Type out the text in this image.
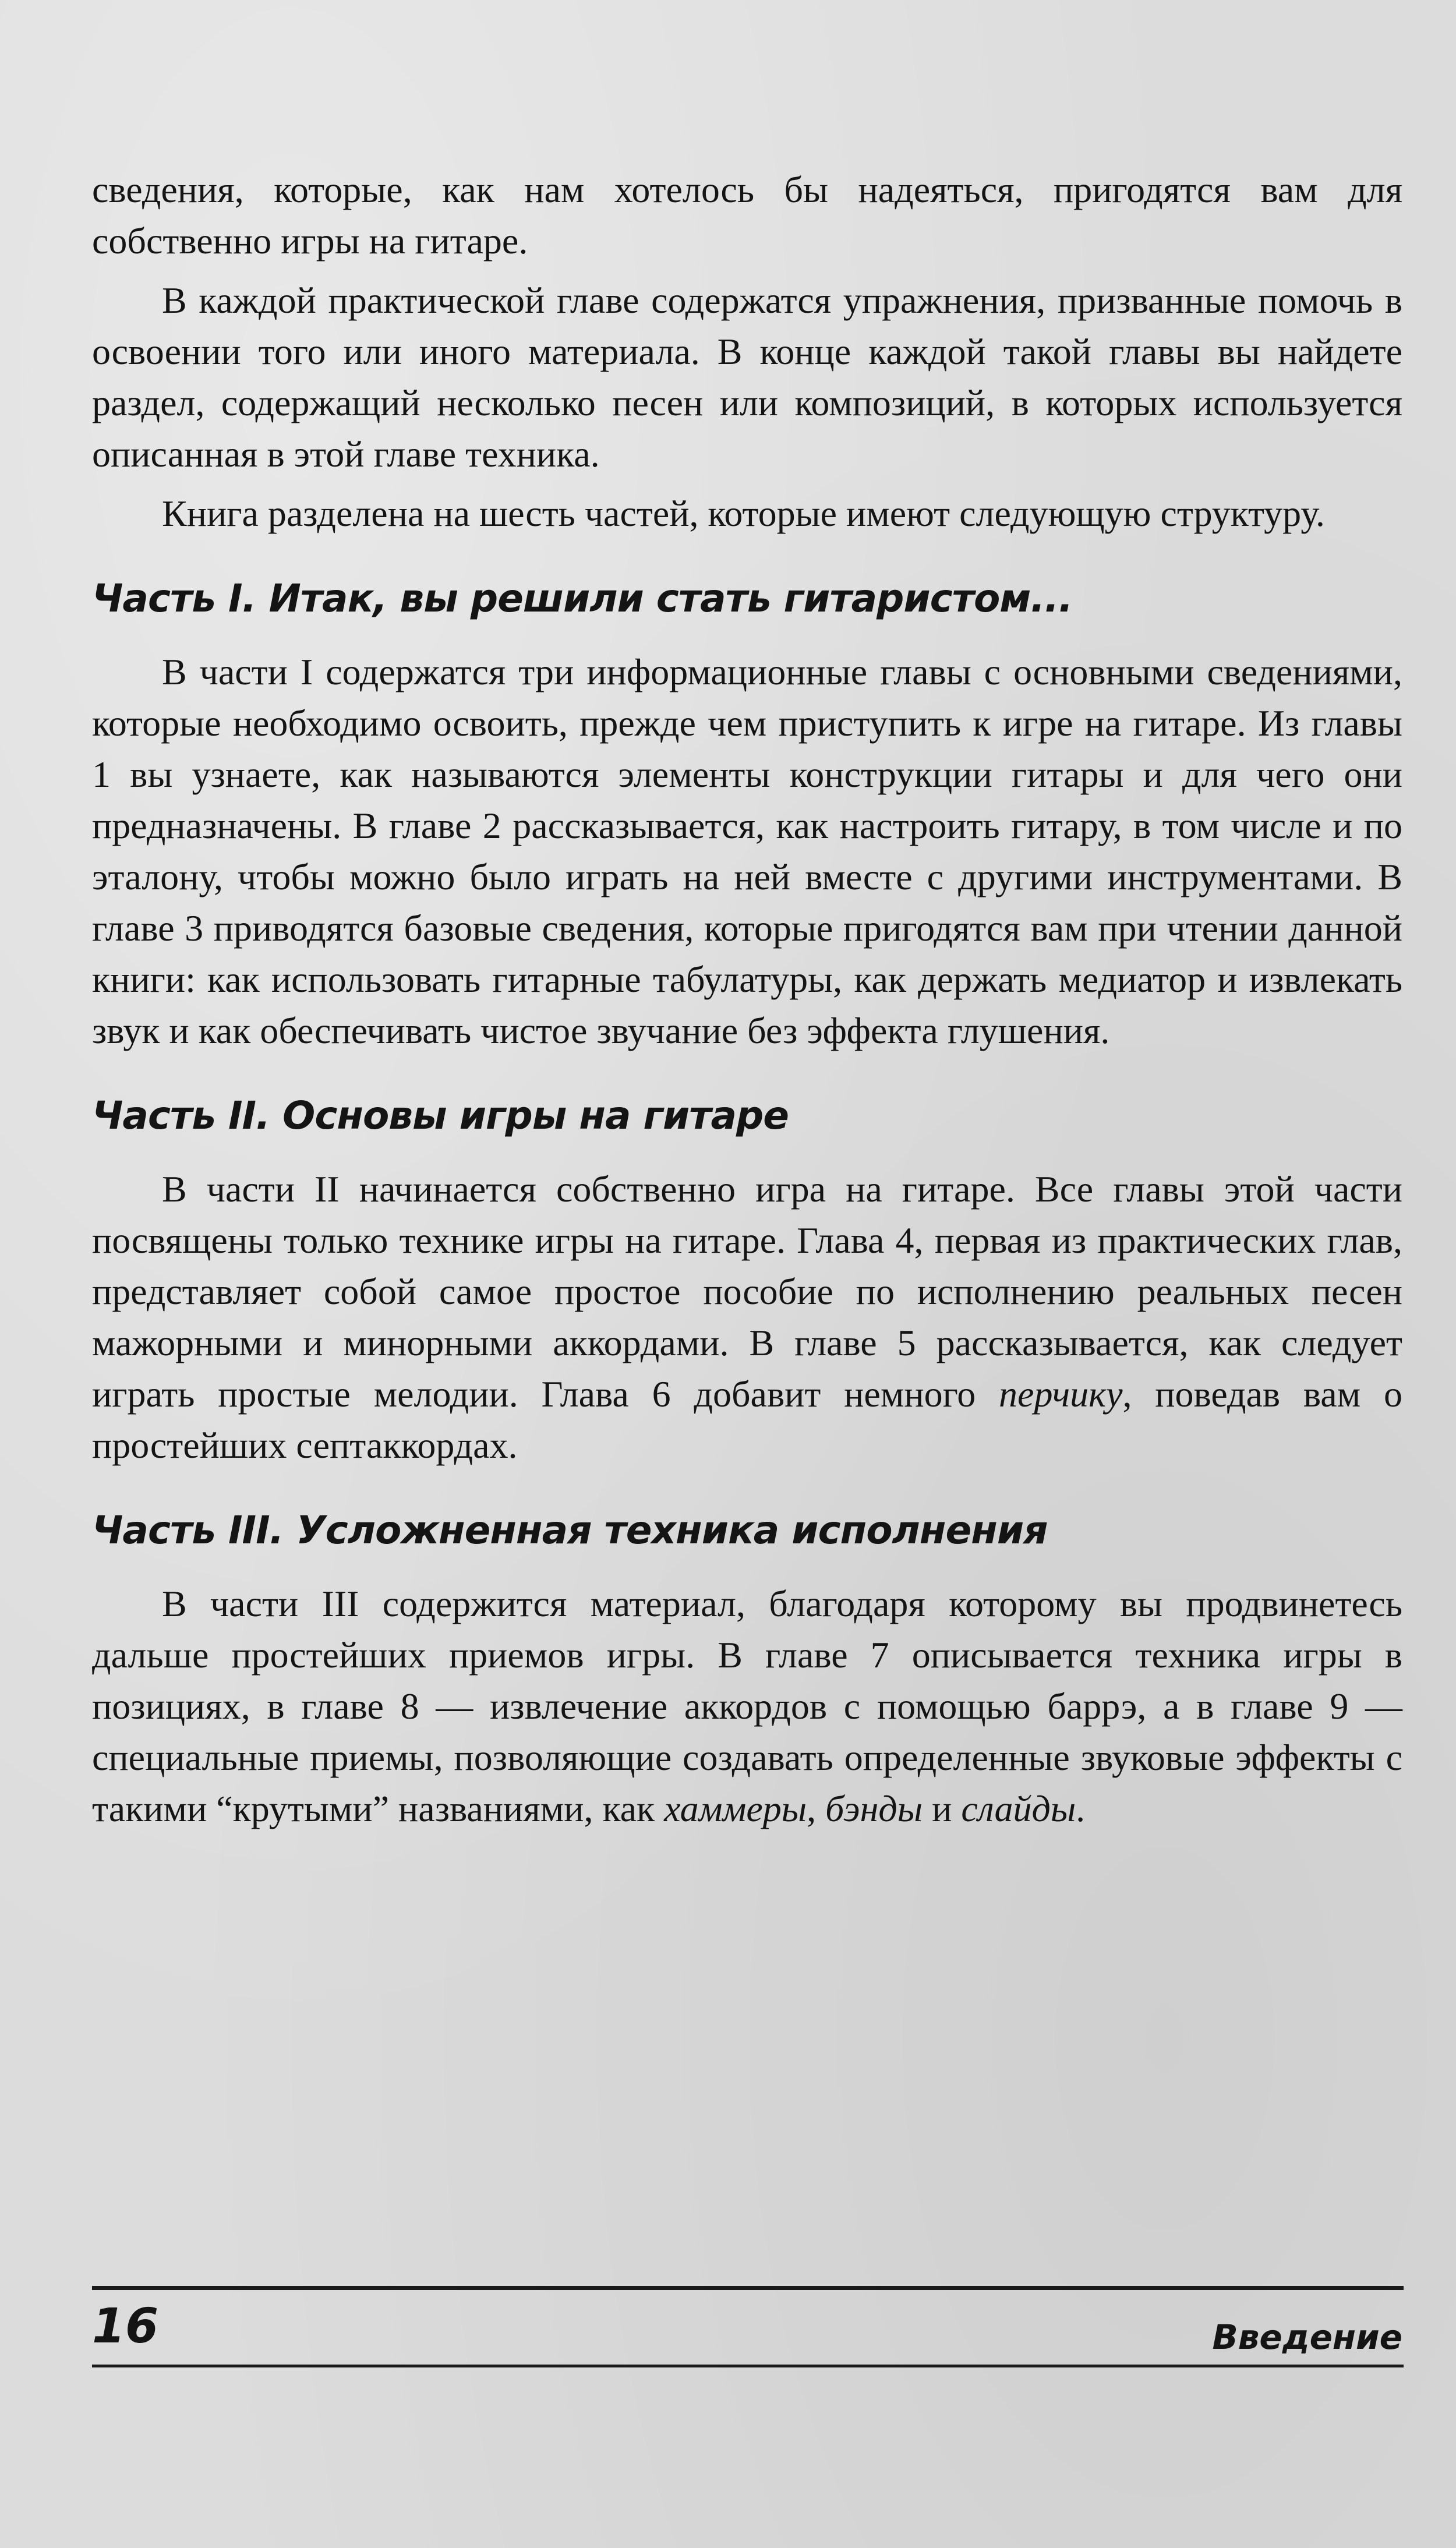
сведения, которые, как нам хотелось бы надеяться, пригодятся вам для собственно игры на гитаре.

В каждой практической главе содержатся упражнения, призванные помочь в освоении того или иного материала. В конце каждой такой главы вы найдете раздел, содержащий несколько песен или композиций, в которых используется описанная в этой главе техника.

Книга разделена на шесть частей, которые имеют следующую структуру.

Часть I. Итак, вы решили стать гитаристом...

В части I содержатся три информационные главы с основными сведениями, которые необходимо освоить, прежде чем приступить к игре на гитаре. Из главы 1 вы узнаете, как называются элементы конструкции гитары и для чего они предназначены. В главе 2 рассказывается, как настроить гитару, в том числе и по эталону, чтобы можно было играть на ней вместе с другими инструментами. В главе 3 приводятся базовые сведения, которые пригодятся вам при чтении данной книги: как использовать гитарные табулатуры, как держать медиатор и извлекать звук и как обеспечивать чистое звучание без эффекта глушения.

Часть II. Основы игры на гитаре

В части II начинается собственно игра на гитаре. Все главы этой части посвящены только технике игры на гитаре. Глава 4, первая из практических глав, представляет собой самое простое пособие по исполнению реальных песен мажорными и минорными аккордами. В главе 5 рассказывается, как следует играть простые мелодии. Глава 6 добавит немного перчику, поведав вам о простейших септаккордах.

Часть III. Усложненная техника исполнения

В части III содержится материал, благодаря которому вы продвинетесь дальше простейших приемов игры. В главе 7 описывается техника игры в позициях, в главе 8 — извлечение аккордов с помощью баррэ, а в главе 9 — специальные приемы, позволяющие создавать определенные звуковые эффекты с такими “крутыми” названиями, как хаммеры, бэнды и слайды.

16	Введение
